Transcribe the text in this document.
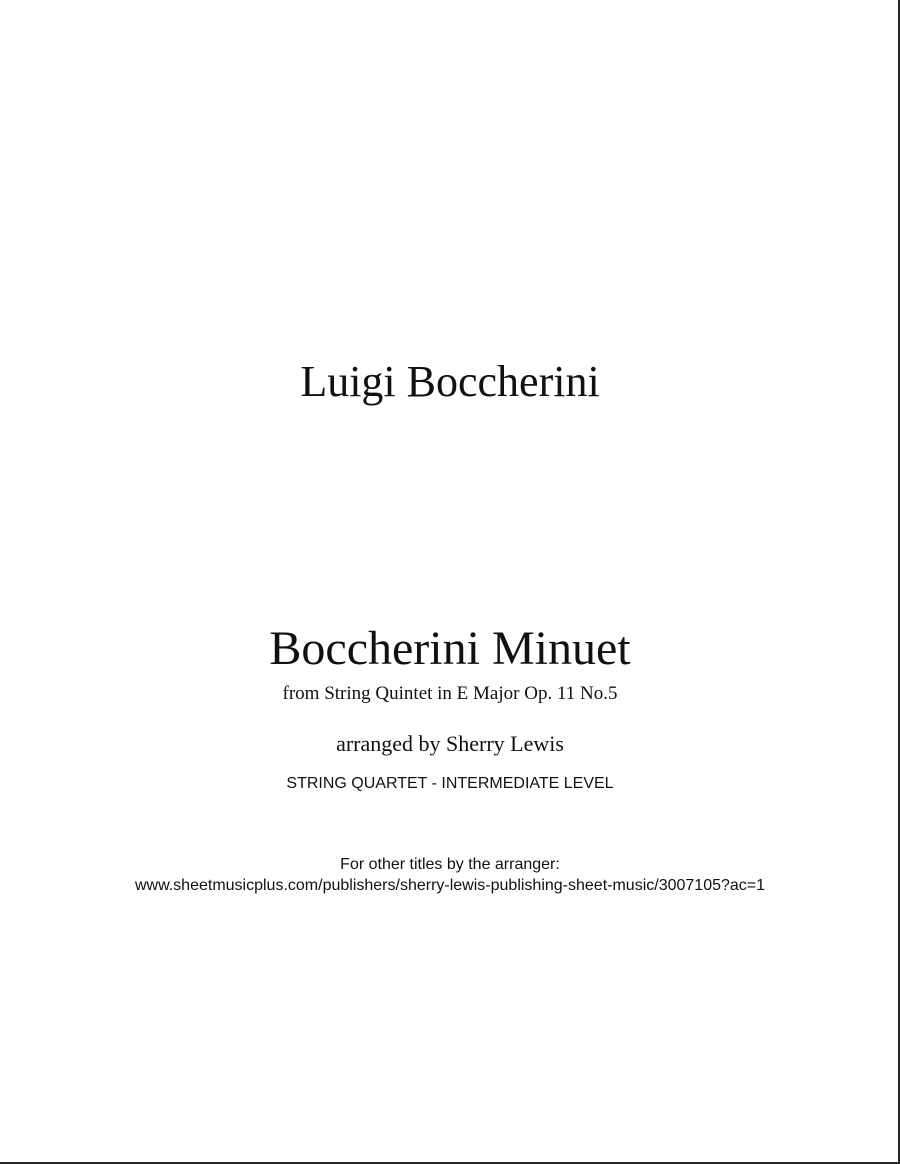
Luigi Boccherini
Boccherini Minuet
from String Quintet in E Major Op. 11 No.5
arranged by Sherry Lewis
STRING QUARTET - INTERMEDIATE LEVEL
For other titles by the arranger:
www.sheetmusicplus.com/publishers/sherry-lewis-publishing-sheet-music/3007105?ac=1
